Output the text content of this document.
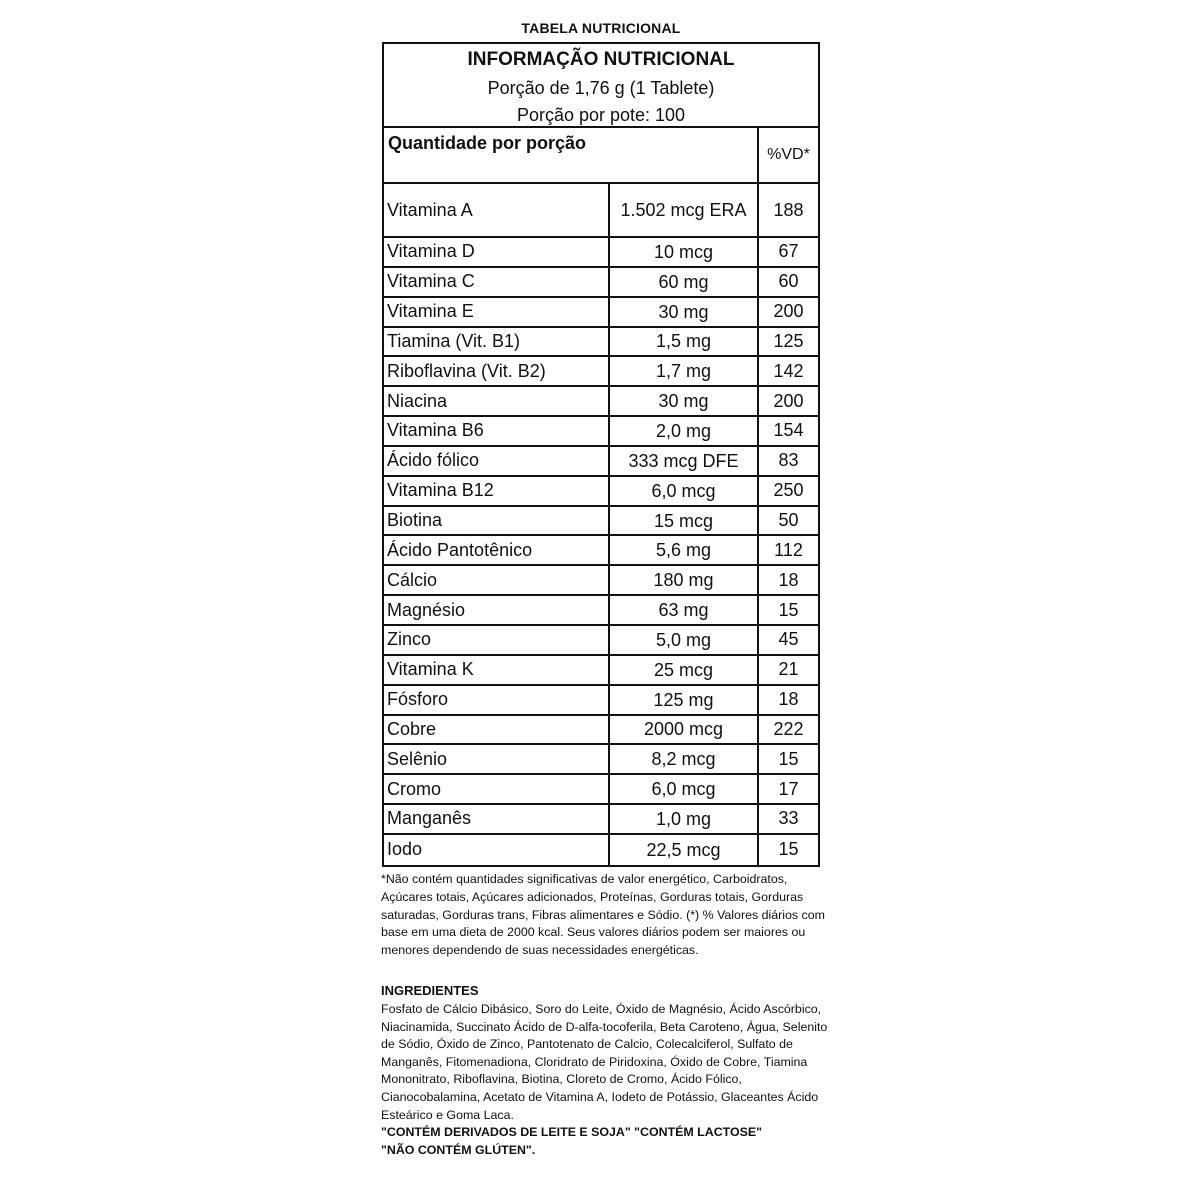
TABELA NUTRICIONAL
INFORMAÇÃO NUTRICIONAL
Porção de 1,76 g (1 Tablete)
Porção por pote: 100
Quantidade por porção
%VD*
Vitamina A	1.502 mcg ERA	188
Vitamina D	10 mcg	67
Vitamina C	60 mg	60
Vitamina E	30 mg	200
Tiamina (Vit. B1)	1,5 mg	125
Riboflavina (Vit. B2)	1,7 mg	142
Niacina	30 mg	200
Vitamina B6	2,0 mg	154
Ácido fólico	333 mcg DFE	83
Vitamina B12	6,0 mcg	250
Biotina	15 mcg	50
Ácido Pantotênico	5,6 mg	112
Cálcio	180 mg	18
Magnésio	63 mg	15
Zinco	5,0 mg	45
Vitamina K	25 mcg	21
Fósforo	125 mg	18
Cobre	2000 mcg	222
Selênio	8,2 mcg	15
Cromo	6,0 mcg	17
Manganês	1,0 mg	33
Iodo	22,5 mcg	15
*Não contém quantidades significativas de valor energético, Carboidratos, Açúcares totais, Açúcares adicionados, Proteínas, Gorduras totais, Gorduras saturadas, Gorduras trans, Fibras alimentares e Sódio. (*) % Valores diários com base em uma dieta de 2000 kcal. Seus valores diários podem ser maiores ou menores dependendo de suas necessidades energéticas.
INGREDIENTES
Fosfato de Cálcio Dibásico, Soro do Leite, Óxido de Magnésio, Ácido Ascórbico, Niacinamida, Succinato Ácido de D-alfa-tocoferila, Beta Caroteno, Água, Selenito de Sódio, Óxido de Zinco, Pantotenato de Calcio, Colecalciferol, Sulfato de Manganês, Fitomenadiona, Cloridrato de Piridoxina, Óxido de Cobre, Tiamina Mononitrato, Riboflavina, Biotina, Cloreto de Cromo, Ácido Fólico, Cianocobalamina, Acetato de Vitamina A, Iodeto de Potássio, Glaceantes Ácido Esteárico e Goma Laca.
"CONTÉM DERIVADOS DE LEITE E SOJA" "CONTÉM LACTOSE"
"NÃO CONTÉM GLÚTEN".
